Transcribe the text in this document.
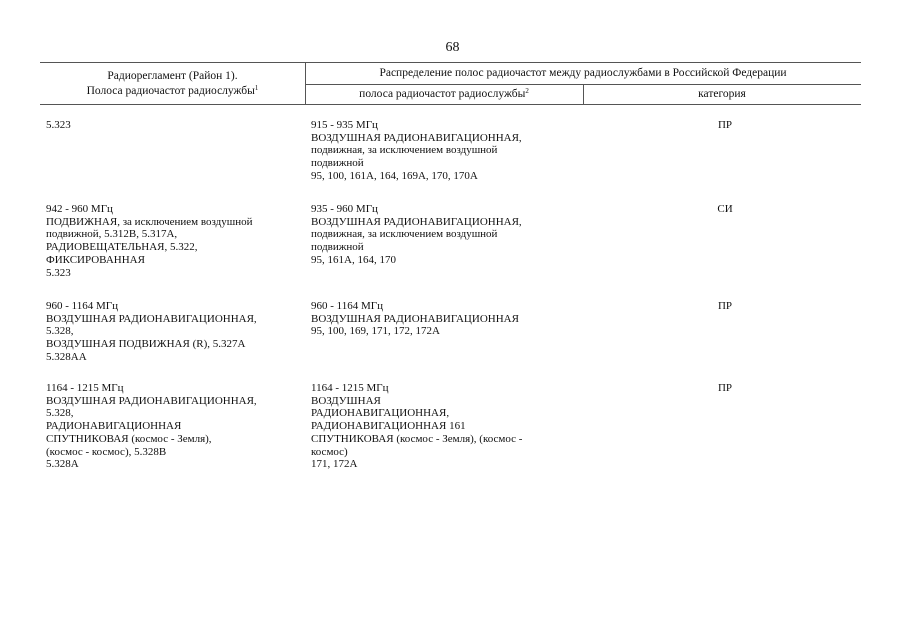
68
Радиорегламент (Район 1).
Полоса радиочастот радиослужбы$^1$
Распределение полос радиочастот между радиослужбами в Российской Федерации
полоса радиочастот радиослужбы$^2$	категория
5.323	915 - 935 МГц
ВОЗДУШНАЯ РАДИОНАВИГАЦИОННАЯ,
подвижная, за исключением воздушной
подвижной
95, 100, 161A, 164, 169A, 170, 170A
ПР
942 - 960 МГц
ПОДВИЖНАЯ, за исключением воздушной
подвижной, 5.312B, 5.317A,
РАДИОВЕЩАТЕЛЬНАЯ, 5.322,
ФИКСИРОВАННАЯ
5.323
935 - 960 МГц
ВОЗДУШНАЯ РАДИОНАВИГАЦИОННАЯ,
подвижная, за исключением воздушной
подвижной
95, 161A, 164, 170
СИ
960 - 1164 МГц
ВОЗДУШНАЯ РАДИОНАВИГАЦИОННАЯ,
5.328,
ВОЗДУШНАЯ ПОДВИЖНАЯ (R), 5.327A
5.328AA
960 - 1164 МГц
ВОЗДУШНАЯ РАДИОНАВИГАЦИОННАЯ
95, 100, 169, 171, 172, 172A
ПР
1164 - 1215 МГц
ВОЗДУШНАЯ РАДИОНАВИГАЦИОННАЯ,
5.328,
РАДИОНАВИГАЦИОННАЯ
СПУТНИКОВАЯ (космос - Земля),
(космос - космос), 5.328B
5.328A
1164 - 1215 МГц
ВОЗДУШНАЯ
РАДИОНАВИГАЦИОННАЯ,
РАДИОНАВИГАЦИОННАЯ 161
СПУТНИКОВАЯ (космос - Земля), (космос -
космос)
171, 172A
ПР
